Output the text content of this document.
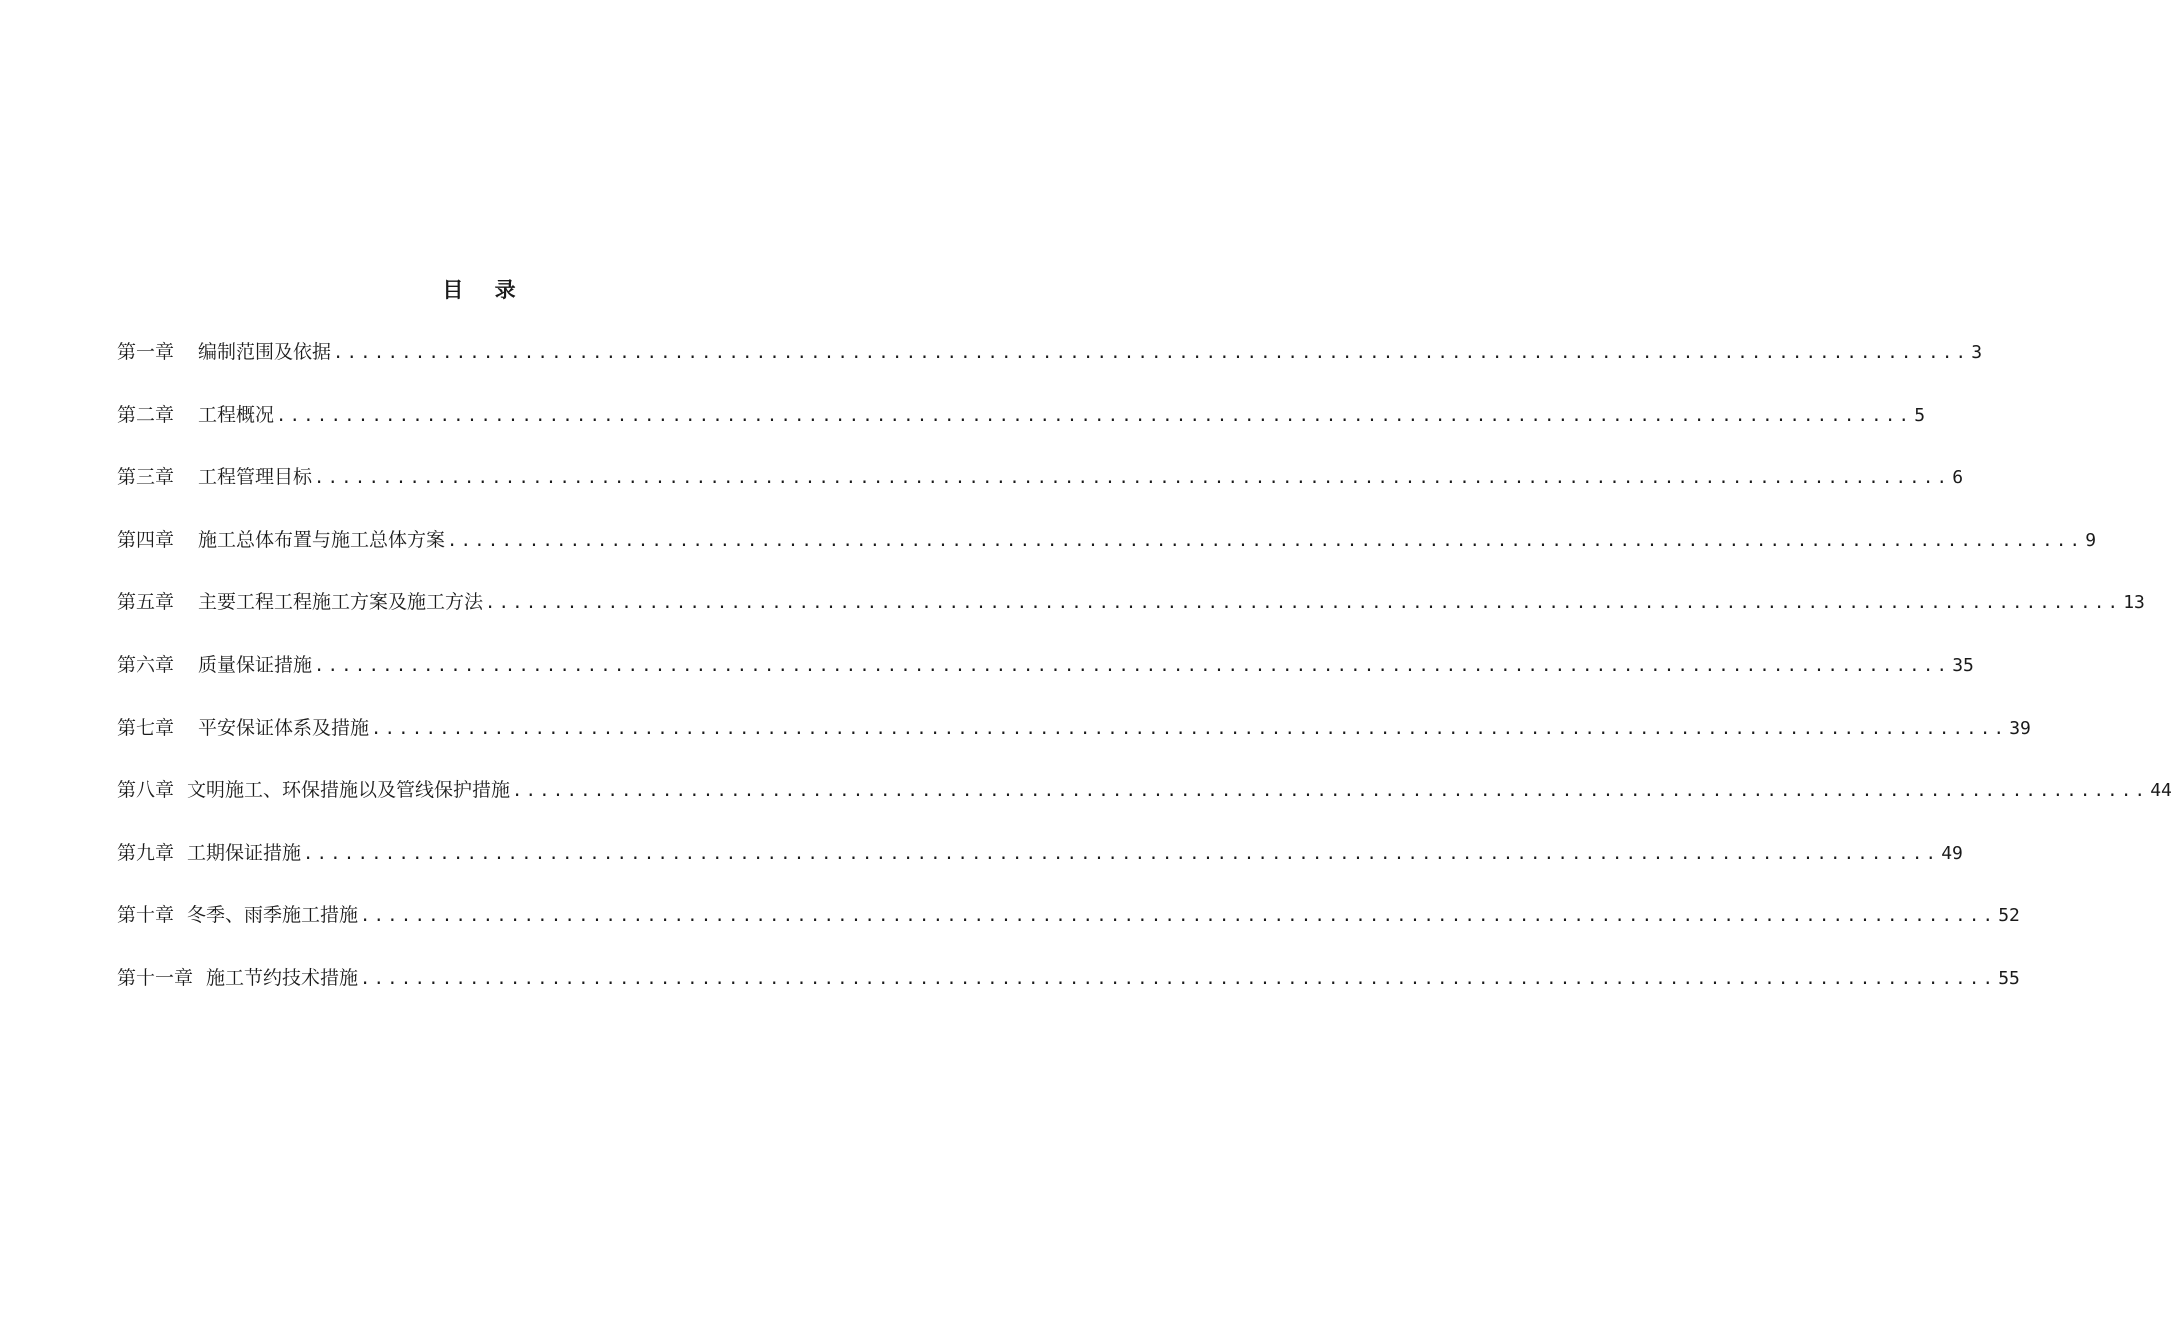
目 录
第一章 编制范围及依据 ........................................................................................................................ 3
第二章 工程概况 ........................................................................................................................ 5
第三章 工程管理目标 ........................................................................................................................ 6
第四章 施工总体布置与施工总体方案 ........................................................................................................................ 9
第五章 主要工程工程施工方案及施工方法 ........................................................................................................................ 13
第六章 质量保证措施 ........................................................................................................................ 35
第七章 平安保证体系及措施 ........................................................................................................................ 39
第八章 文明施工、环保措施以及管线保护措施 ........................................................................................................................ 44
第九章 工期保证措施 ........................................................................................................................ 49
第十章 冬季、雨季施工措施 ........................................................................................................................ 52
第十一章 施工节约技术措施 ........................................................................................................................ 55
